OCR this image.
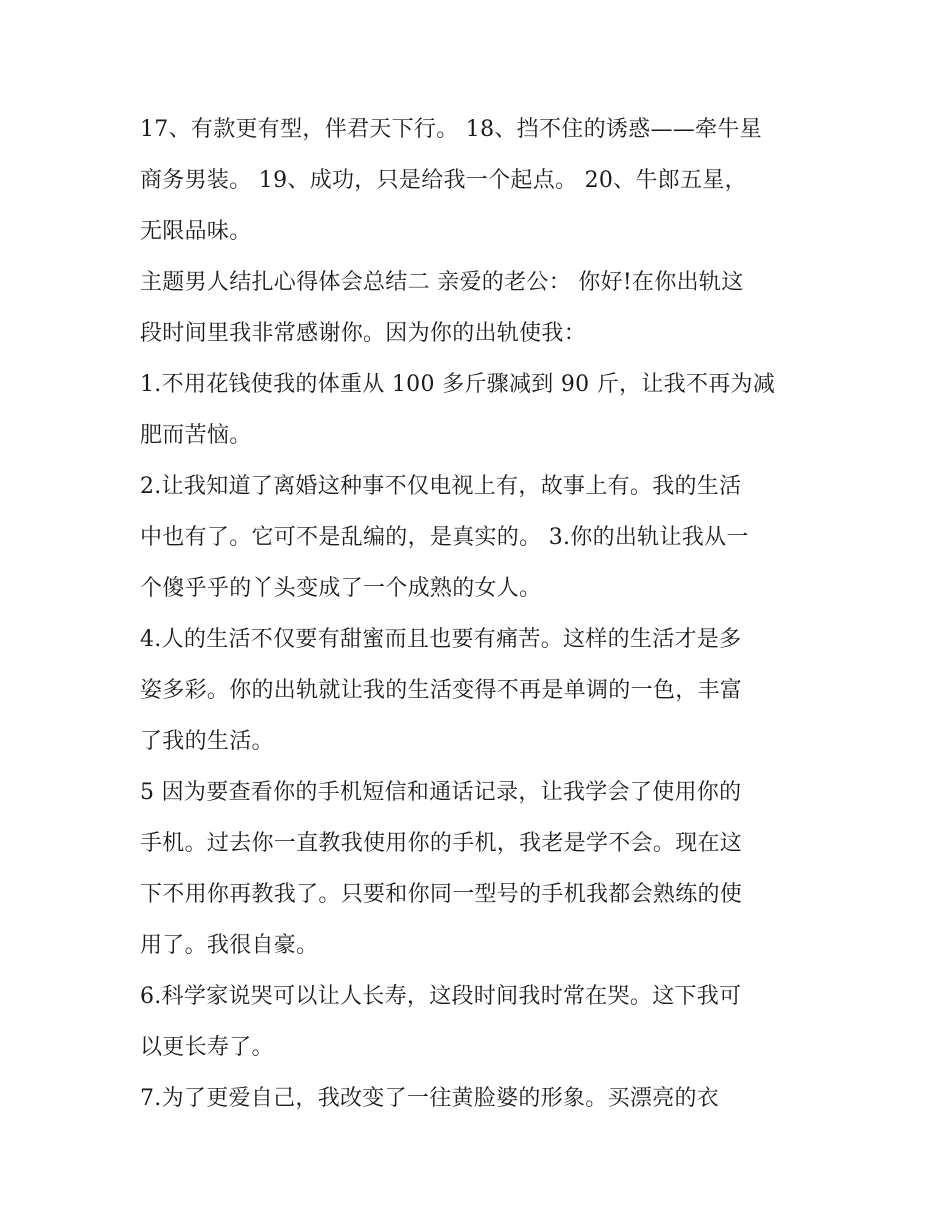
17、有款更有型，伴君天下行。 18、挡不住的诱惑——牵牛星
商务男装。 19、成功，只是给我一个起点。 20、牛郎五星，
无限品味。

主题男人结扎心得体会总结二 亲爱的老公： 你好!在你出轨这
段时间里我非常感谢你。因为你的出轨使我：

1.不用花钱使我的体重从 100 多斤骤减到 90 斤，让我不再为减
肥而苦恼。

2.让我知道了离婚这种事不仅电视上有，故事上有。我的生活
中也有了。它可不是乱编的，是真实的。 3.你的出轨让我从一
个傻乎乎的丫头变成了一个成熟的女人。

4.人的生活不仅要有甜蜜而且也要有痛苦。这样的生活才是多
姿多彩。你的出轨就让我的生活变得不再是单调的一色，丰富
了我的生活。

5 因为要查看你的手机短信和通话记录，让我学会了使用你的
手机。过去你一直教我使用你的手机，我老是学不会。现在这
下不用你再教我了。只要和你同一型号的手机我都会熟练的使
用了。我很自豪。

6.科学家说哭可以让人长寿，这段时间我时常在哭。这下我可
以更长寿了。

7.为了更爱自己，我改变了一往黄脸婆的形象。买漂亮的衣
